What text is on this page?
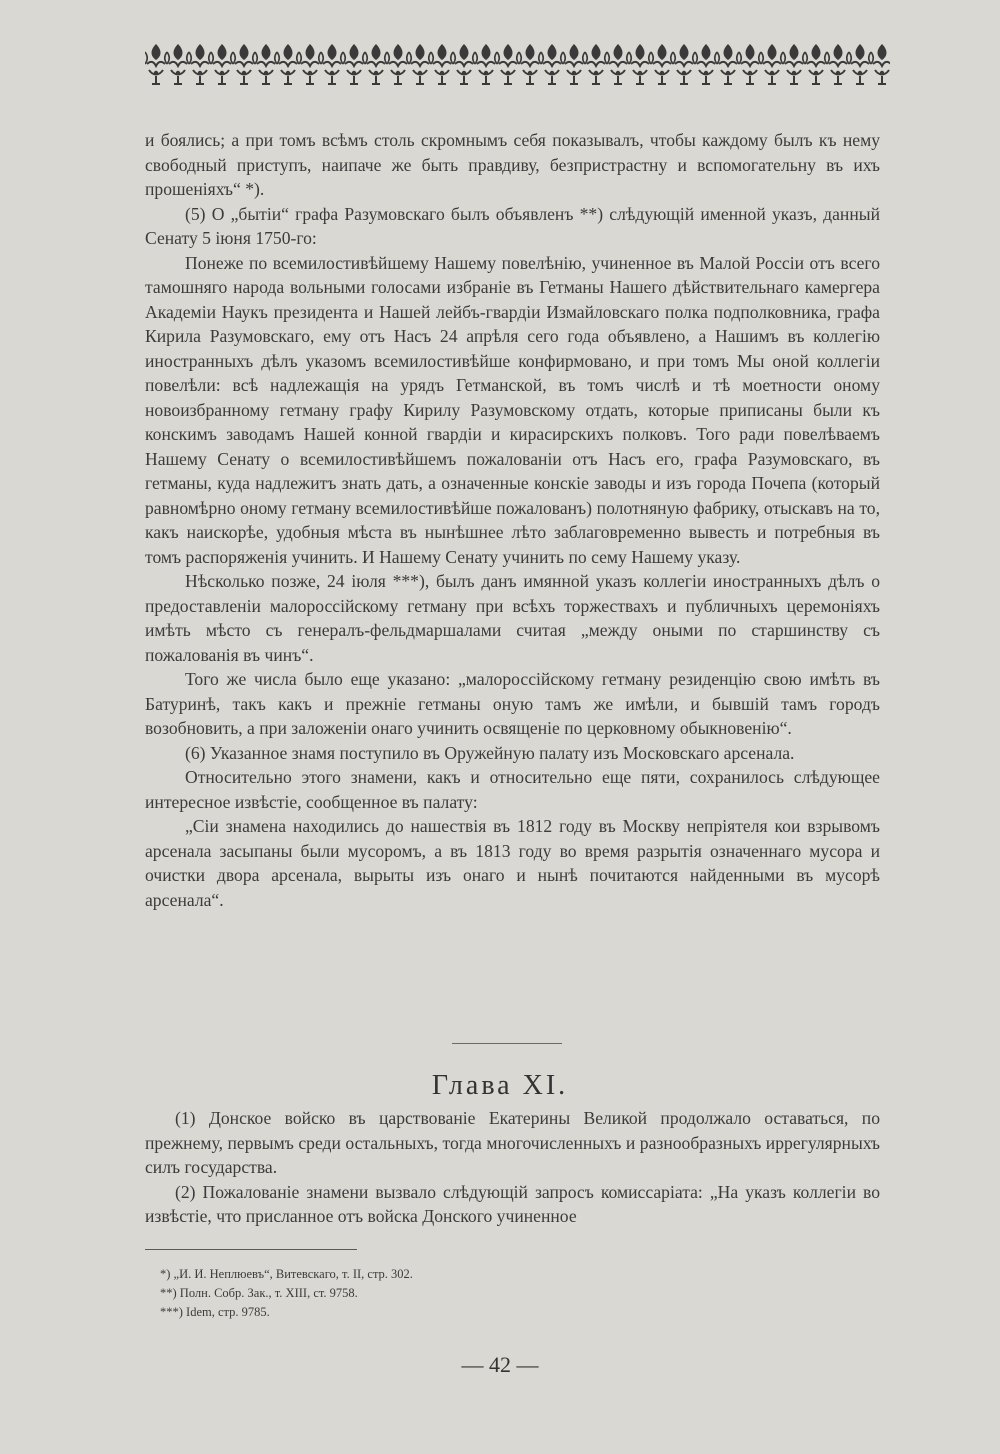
и боялись; а при томъ всѣмъ столь скромнымъ себя показывалъ, чтобы каждому былъ къ нему свободный приступъ, наипаче же быть правдиву, безпристрастну и вспомогательну въ ихъ прошеніяхъ“ *).

(5) О „бытіи“ графа Разумовскаго былъ объявленъ **) слѣдующій именной указъ, данный Сенату 5 іюня 1750-го:

Понеже по всемилостивѣйшему Нашему повелѣнію, учиненное въ Малой Россіи отъ всего тамошняго народа вольными голосами избраніе въ Гетманы Нашего дѣйствительнаго камергера Академіи Наукъ президента и Нашей лейбъ-гвардіи Измайловскаго полка подполковника, графа Кирила Разумовскаго, ему отъ Насъ 24 апрѣля сего года объявлено, а Нашимъ въ коллегію иностранныхъ дѣлъ указомъ всемилостивѣйше конфирмовано, и при томъ Мы оной коллегіи повелѣли: всѣ надлежащія на урядъ Гетманской, въ томъ числѣ и тѣ моетности оному новоизбранному гетману графу Кирилу Разумовскому отдать, которые приписаны были къ конскимъ заводамъ Нашей конной гвардіи и кирасирскихъ полковъ. Того ради повелѣваемъ Нашему Сенату о всемилостивѣйшемъ пожалованіи отъ Насъ его, графа Разумовскаго, въ гетманы, куда надлежитъ знать дать, а означенные конскіе заводы и изъ города Почепа (который равномѣрно оному гетману всемилостивѣйше пожалованъ) полотняную фабрику, отыскавъ на то, какъ наискорѣе, удобныя мѣста въ нынѣшнее лѣто заблаговременно вывесть и потребныя въ томъ распоряженія учинить. И Нашему Сенату учинить по сему Нашему указу.

Нѣсколько позже, 24 іюля ***), былъ данъ имянной указъ коллегіи иностранныхъ дѣлъ о предоставленіи малороссійскому гетману при всѣхъ торжествахъ и публичныхъ церемоніяхъ имѣть мѣсто съ генералъ-фельдмаршалами считая „между оными по старшинству съ пожалованія въ чинъ“.

Того же числа было еще указано: „малороссійскому гетману резиденцію свою имѣть въ Батуринѣ, такъ какъ и прежніе гетманы оную тамъ же имѣли, и бывшій тамъ городъ возобновить, а при заложеніи онаго учинить освященіе по церковному обыкновенію“.

(6) Указанное знамя поступило въ Оружейную палату изъ Московскаго арсенала.

Относительно этого знамени, какъ и относительно еще пяти, сохранилось слѣдующее интересное извѣстіе, сообщенное въ палату:

„Сіи знамена находились до нашествія въ 1812 году въ Москву непріятеля кои взрывомъ арсенала засыпаны были мусоромъ, а въ 1813 году во время разрытія означеннаго мусора и очистки двора арсенала, вырыты изъ онаго и нынѣ почитаются найденными въ мусорѣ арсенала“.

Глава XI.

(1) Донское войско въ царствованіе Екатерины Великой продолжало оставаться, по прежнему, первымъ среди остальныхъ, тогда многочисленныхъ и разнообразныхъ иррегулярныхъ силъ государства.

(2) Пожалованіе знамени вызвало слѣдующій запросъ комиссаріата: „На указъ коллегіи во извѣстіе, что присланное отъ войска Донского учиненное

*) „И. И. Неплюевъ“, Витевскаго, т. II, стр. 302.
**) Полн. Собр. Зак., т. XIII, ст. 9758.
***) Idem, стр. 9785.
— 42 —
